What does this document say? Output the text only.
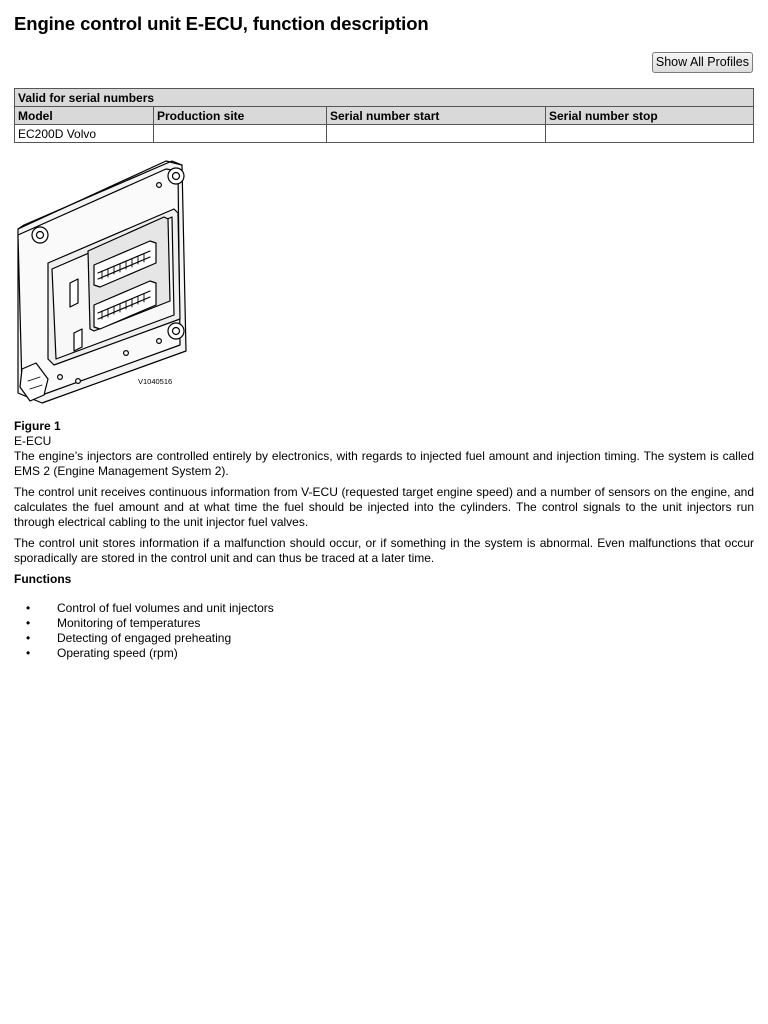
Engine control unit E-ECU, function description
Show All Profiles
Valid for serial numbers			
Model	Production site	Serial number start	Serial number stop
EC200D Volvo			
V1040516

Figure 1

E-ECU

The engine’s injectors are controlled entirely by electronics, with regards to injected fuel amount and injection timing. The system is called EMS 2 (Engine Management System 2).

The control unit receives continuous information from V-ECU (requested target engine speed) and a number of sensors on the engine, and calculates the fuel amount and at what time the fuel should be injected into the cylinders. The control signals to the unit injectors run through electrical cabling to the unit injector fuel valves.

The control unit stores information if a malfunction should occur, or if something in the system is abnormal. Even malfunctions that occur sporadically are stored in the control unit and can thus be traced at a later time.

Functions

• Control of fuel volumes and unit injectors
• Monitoring of temperatures
• Detecting of engaged preheating
• Operating speed (rpm)
